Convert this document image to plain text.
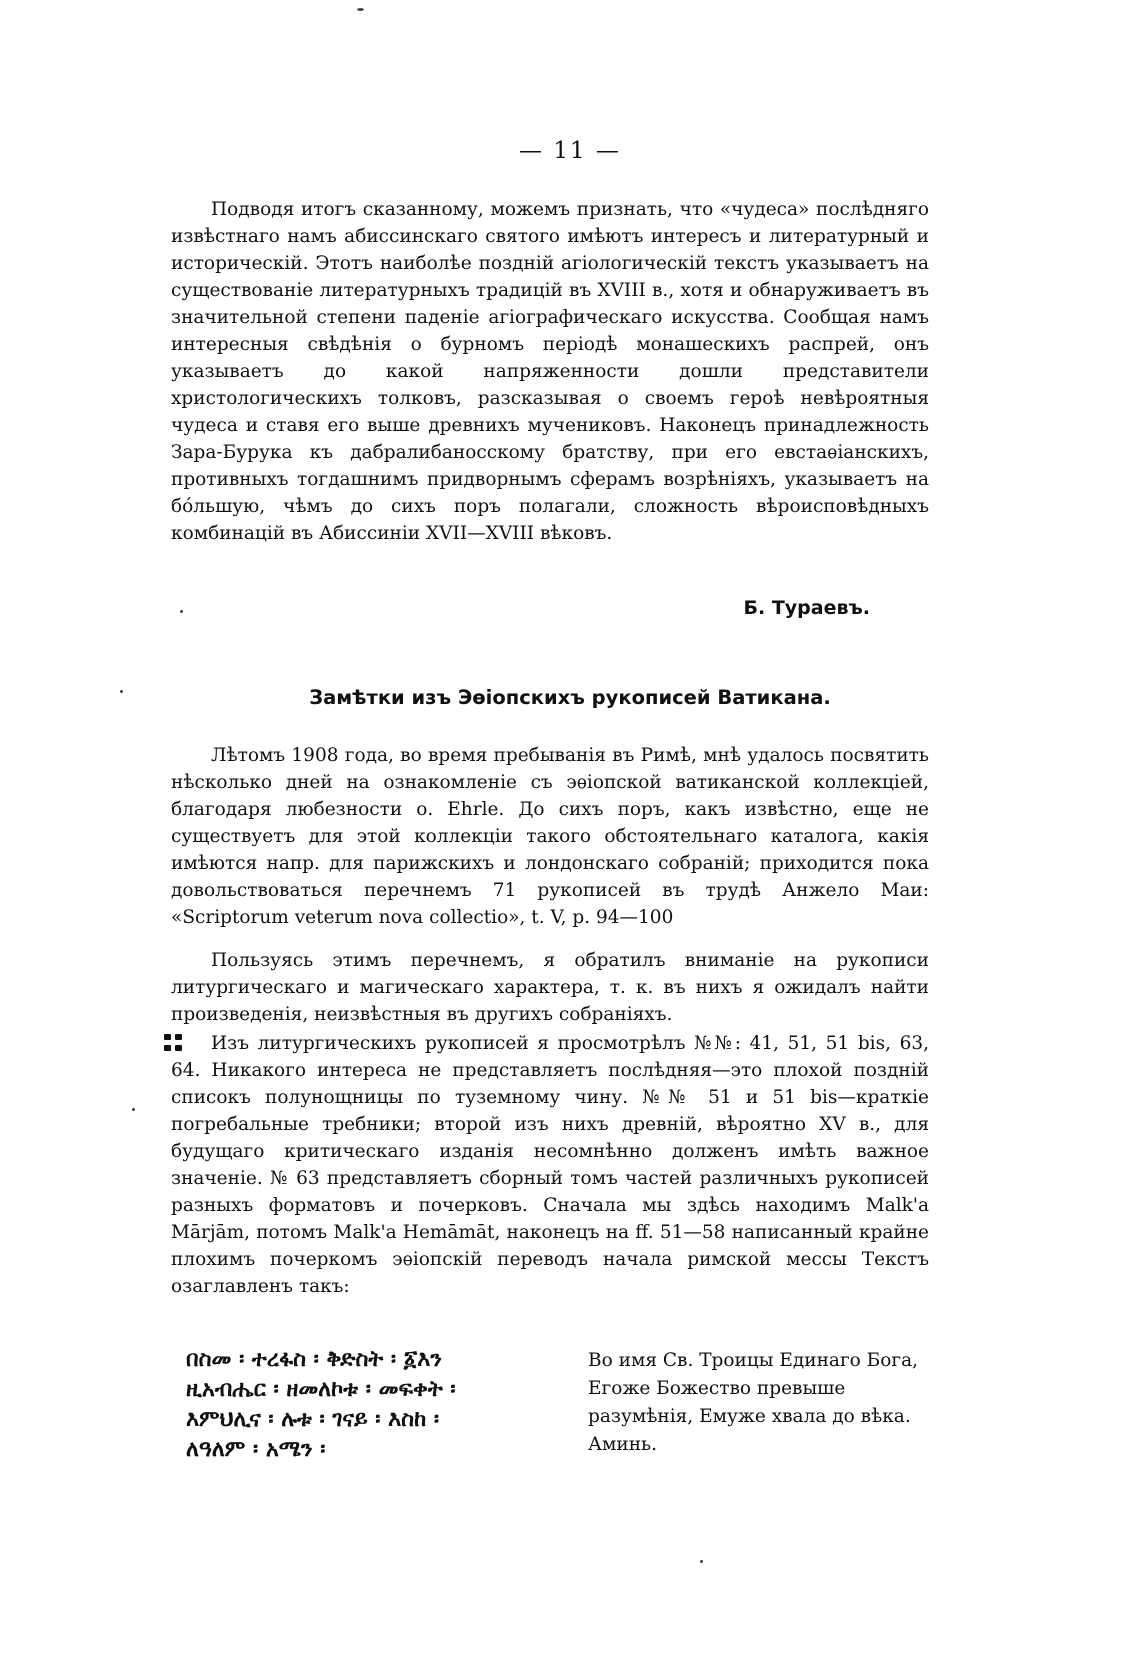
— 11 —

Подводя итогъ сказанному, можемъ признать, что «чудеса» послѣдняго извѣстнаго намъ абиссинскаго святого имѣютъ интересъ и литературный и историческій. Этотъ наиболѣе поздній агіологическій текстъ указываетъ на существованіе литературныхъ традицій въ XVIII в., хотя и обнаруживаетъ въ значительной степени паденіе агіографическаго искусства. Сообщая намъ интересныя свѣдѣнія о бурномъ періодѣ монашескихъ распрей, онъ указываетъ до какой напряженности дошли представители христологическихъ толковъ, разсказывая о своемъ героѣ невѣроятныя чудеса и ставя его выше древнихъ мучениковъ. Наконецъ принадлежность Зара-Бурука къ дабралибаносскому братству, при его евстаѳіанскихъ, противныхъ тогдашнимъ придворнымъ сферамъ возрѣніяхъ, указываетъ на бо́льшую, чѣмъ до сихъ поръ полагали, сложность вѣроисповѣдныхъ комбинацій въ Абиссиніи XVII—XVIII вѣковъ.

Б. Тураевъ.
Замѣтки изъ Эѳіопскихъ рукописей Ватикана.

Лѣтомъ 1908 года, во время пребыванія въ Римѣ, мнѣ удалось посвятить нѣсколько дней на ознакомленіе съ эѳіопской ватиканской коллекціей, благодаря любезности о. Ehrle. До сихъ поръ, какъ извѣстно, еще не существуетъ для этой коллекціи такого обстоятельнаго каталога, какія имѣются напр. для парижскихъ и лондонскаго собраній; приходится пока довольствоваться перечнемъ 71 рукописей въ трудѣ Анжело Маи: «Scriptorum veterum nova collectio», t. V, p. 94—100

Пользуясь этимъ перечнемъ, я обратилъ вниманіе на рукописи литургическаго и магическаго характера, т. к. въ нихъ я ожидалъ найти произведенія, неизвѣстныя въ другихъ собраніяхъ.

Изъ литургическихъ рукописей я просмотрѣлъ №№: 41, 51, 51 bis, 63, 64. Никакого интереса не представляетъ послѣдняя—это плохой поздній списокъ полунощницы по туземному чину. №№ 51 и 51 bis—краткіе погребальные требники; второй изъ нихъ древній, вѣроятно XV в., для будущаго критическаго изданія несомнѣнно долженъ имѣть важное значеніе. № 63 представляетъ сборный томъ частей различныхъ рукописей разныхъ форматовъ и почерковъ. Сначала мы здѣсь находимъ Malk'a Mārjām, потомъ Malk'a Hemāmāt, наконецъ на ff. 51—58 написанный крайне плохимъ почеркомъ эѳіопскій переводъ начала римской мессы Текстъ озаглавленъ такъ:

በስመ ፡ ተረፋስ ፡ ቅድስት ፡ ፩እን
ዚአብሔር ፡ ዘመለኮቱ ፡ መፍቀት ፡
እምህሊና ፡ ሉቱ ፡ ገናይ ፡ እስከ ፡
ለዓለም ፡ አሜን ፡

Во имя Св. Троицы Единаго Бога, Егоже Божество превыше разумѣнія, Емуже хвала до вѣка. Аминь.
